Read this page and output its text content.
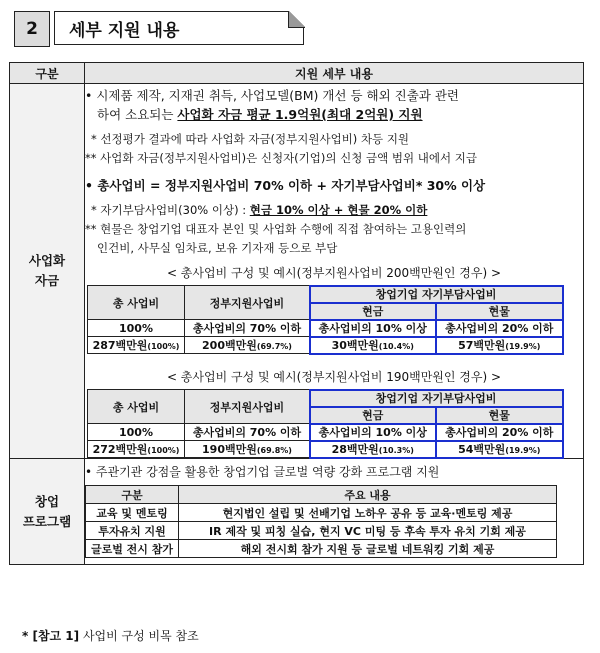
2	세부 지원 내용
구분	지원 세부 내용
사업화
자금	
• 시제품 제작, 지재권 취득, 사업모델(BM) 개선 등 해외 진출과 관련
하여 소요되는 사업화 자금 평균 1.9억원(최대 2억원) 지원
* 선정평가 결과에 따라 사업화 자금(정부지원사업비) 차등 지원
** 사업화 자금(정부지원사업비)은 신청자(기업)의 신청 금액 범위 내에서 지급
• 총사업비 = 정부지원사업비 70% 이하 + 자기부담사업비* 30% 이상
* 자기부담사업비(30% 이상) : 현금 10% 이상 + 현물 20% 이하
** 현물은 창업기업 대표자 본인 및 사업화 수행에 직접 참여하는 고용인력의
인건비, 사무실 임차료, 보유 기자재 등으로 부담
< 총사업비 구성 및 예시(정부지원사업비 200백만원인 경우) >
총 사업비	정부지원사업비	창업기업 자기부담사업비
현금	현물
100%	총사업비의 70% 이하	총사업비의 10% 이상	총사업비의 20% 이하
287백만원(100%)	200백만원(69.7%)	30백만원(10.4%)	57백만원(19.9%)
< 총사업비 구성 및 예시(정부지원사업비 190백만원인 경우) >
총 사업비	정부지원사업비	창업기업 자기부담사업비
현금	현물
100%	총사업비의 70% 이하	총사업비의 10% 이상	총사업비의 20% 이하
272백만원(100%)	190백만원(69.8%)	28백만원(10.3%)	54백만원(19.9%)

창업
프로그램	
• 주관기관 강점을 활용한 창업기업 글로벌 역량 강화 프로그램 지원
구분	주요 내용
교육 및 멘토링	현지법인 설립 및 선배기업 노하우 공유 등 교육·멘토링 제공
투자유치 지원	IR 제작 및 피칭 실습, 현지 VC 미팅 등 후속 투자 유치 기회 제공
글로벌 전시 참가	해외 전시회 참가 지원 등 글로벌 네트워킹 기회 제공
* [참고 1] 사업비 구성 비목 참조
